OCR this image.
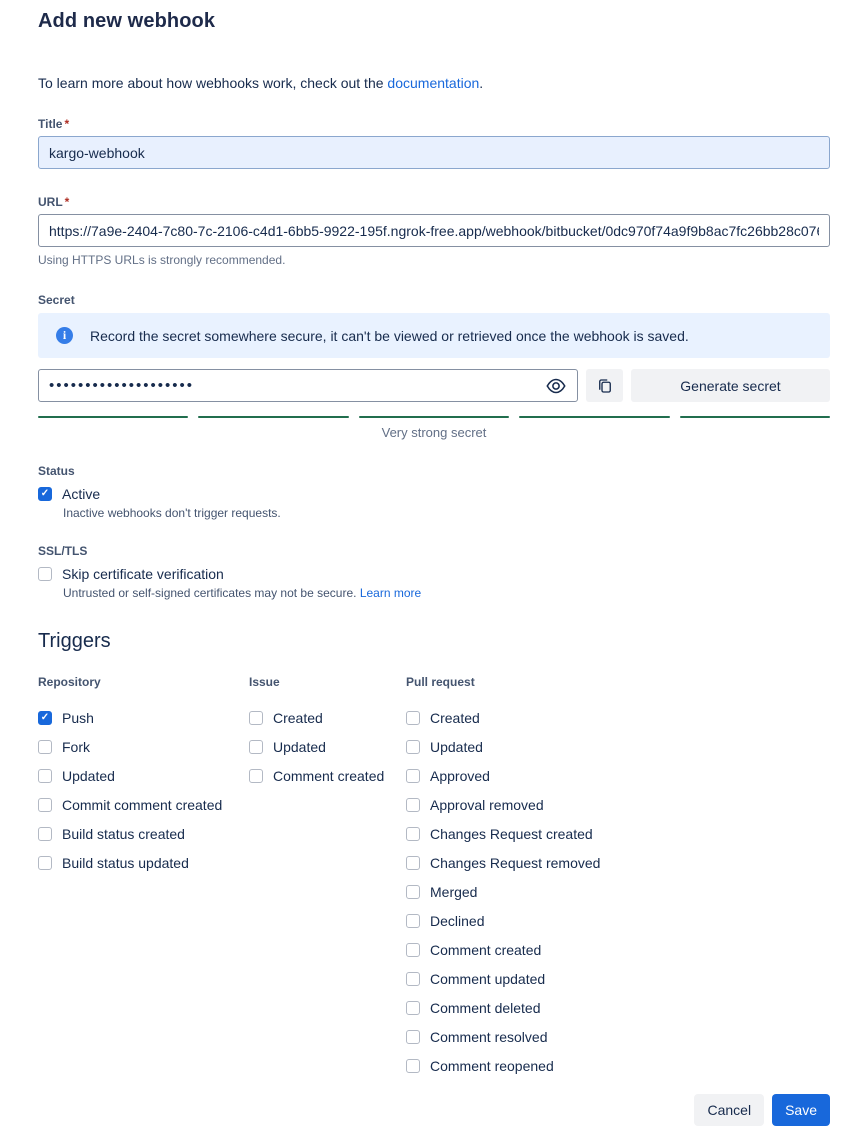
Add new webhook

To learn more about how webhooks work, check out the documentation.

Title *
kargo-webhook
URL *
https://7a9e-2404-7c80-7c-2106-c4d1-6bb5-9922-195f.ngrok-free.app/webhook/bitbucket/0dc970f74a9f9b8ac7fc26bb28c076c0c9
Using HTTPS URLs is strongly recommended.
Secret
i	Record the secret somewhere secure, it can't be viewed or retrieved once the webhook is saved.
••••••••••••••••••••
Generate secret
Very strong secret
Status
✓
Active
Inactive webhooks don't trigger requests.
SSL/TLS
Skip certificate verification
Untrusted or self-signed certificates may not be secure. Learn more
Triggers
Repository
✓
Push
Fork
Updated
Commit comment created
Build status created
Build status updated
Issue
Created
Updated
Comment created
Pull request
Created
Updated
Approved
Approval removed
Changes Request created
Changes Request removed
Merged
Declined
Comment created
Comment updated
Comment deleted
Comment resolved
Comment reopened
Cancel	Save
